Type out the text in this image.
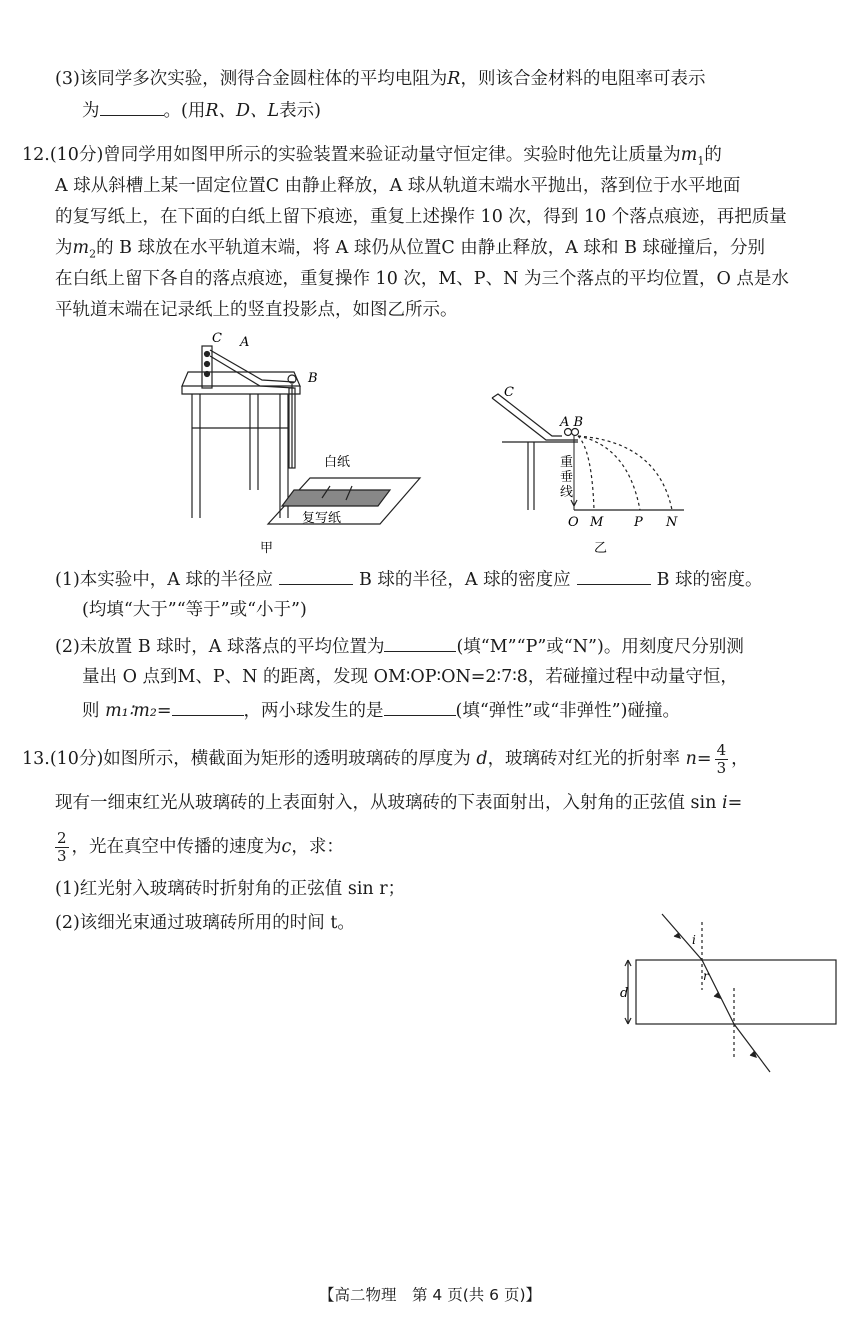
(3)该同学多次实验，测得合金圆柱体的平均电阻为R，则该合金材料的电阻率可表示
为	。(用R、D、L表示)
12.(10分)曾同学用如图甲所示的实验装置来验证动量守恒定律。实验时他先让质量为$m_1$的
A 球从斜槽上某一固定位置C 由静止释放，A 球从轨道末端水平抛出，落到位于水平地面
的复写纸上，在下面的白纸上留下痕迹，重复上述操作 10 次，得到 10 个落点痕迹，再把质量
为$m_2$的 B 球放在水平轨道末端，将 A 球仍从位置C 由静止释放，A 球和 B 球碰撞后，分别
在白纸上留下各自的落点痕迹，重复操作 10 次，M、P、N 为三个落点的平均位置，O 点是水
平轨道末端在记录纸上的竖直投影点，如图乙所示。
C A
B
白纸
复写纸
甲
C
A B
重
垂
线
O M P N
乙
(1)本实验中，A 球的半径应	B 球的半径，A 球的密度应	B 球的密度。
(均填“大于”“等于”或“小于”)
(2)未放置 B 球时，A 球落点的平均位置为	(填“M”“P”或“N”)。用刻度尺分别测
量出 O 点到M、P、N 的距离，发现 OM∶OP∶ON=2∶7∶8，若碰撞过程中动量守恒，
则 m₁∶m₂=	，两小球发生的是	(填“弹性”或“非弹性”)碰撞。
13.(10分)如图所示，横截面为矩形的透明玻璃砖的厚度为 d，玻璃砖对红光的折射率 $n= \frac{4}{3}$ ，
现有一细束红光从玻璃砖的上表面射入，从玻璃砖的下表面射出，入射角的正弦值 sin i=
$\frac{2}{3}$ ，光在真空中传播的速度为c，求：
(1)红光射入玻璃砖时折射角的正弦值 sin r；
(2)该细光束通过玻璃砖所用的时间 t。
i
r
d
【高二物理　第 4 页(共 6 页)】
